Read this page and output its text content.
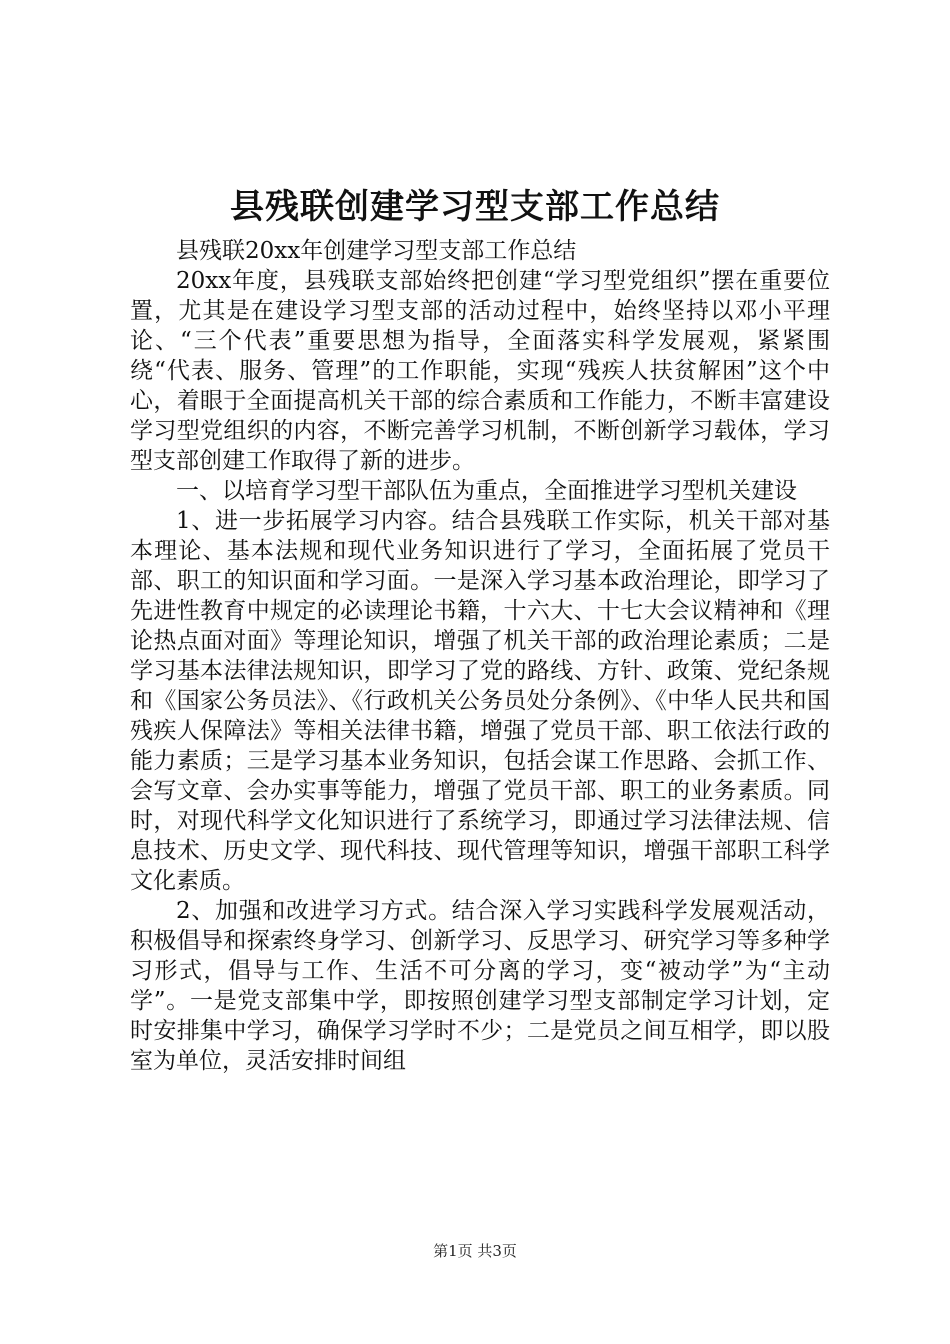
县残联创建学习型支部工作总结

县残联20xx年创建学习型支部工作总结

20xx年度，县残联支部始终把创建“学习型党组织”摆在重要位置，尤其是在建设学习型支部的活动过程中，始终坚持以邓小平理论、“三个代表”重要思想为指导，全面落实科学发展观，紧紧围绕“代表、服务、管理”的工作职能，实现“残疾人扶贫解困”这个中心，着眼于全面提高机关干部的综合素质和工作能力，不断丰富建设学习型党组织的内容，不断完善学习机制，不断创新学习载体，学习型支部创建工作取得了新的进步。

一、以培育学习型干部队伍为重点，全面推进学习型机关建设

1、进一步拓展学习内容。结合县残联工作实际，机关干部对基本理论、基本法规和现代业务知识进行了学习，全面拓展了党员干部、职工的知识面和学习面。一是深入学习基本政治理论，即学习了先进性教育中规定的必读理论书籍，十六大、十七大会议精神和《理论热点面对面》等理论知识，增强了机关干部的政治理论素质；二是学习基本法律法规知识，即学习了党的路线、方针、政策、党纪条规和《国家公务员法》、《行政机关公务员处分条例》、《中华人民共和国残疾人保障法》等相关法律书籍，增强了党员干部、职工依法行政的能力素质；三是学习基本业务知识，包括会谋工作思路、会抓工作、会写文章、会办实事等能力，增强了党员干部、职工的业务素质。同时，对现代科学文化知识进行了系统学习，即通过学习法律法规、信息技术、历史文学、现代科技、现代管理等知识，增强干部职工科学文化素质。

2、加强和改进学习方式。结合深入学习实践科学发展观活动，积极倡导和探索终身学习、创新学习、反思学习、研究学习等多种学习形式，倡导与工作、生活不可分离的学习，变“被动学”为“主动学”。一是党支部集中学，即按照创建学习型支部制定学习计划，定时安排集中学习，确保学习学时不少；二是党员之间互相学，即以股室为单位，灵活安排时间组

第1页 共3页
